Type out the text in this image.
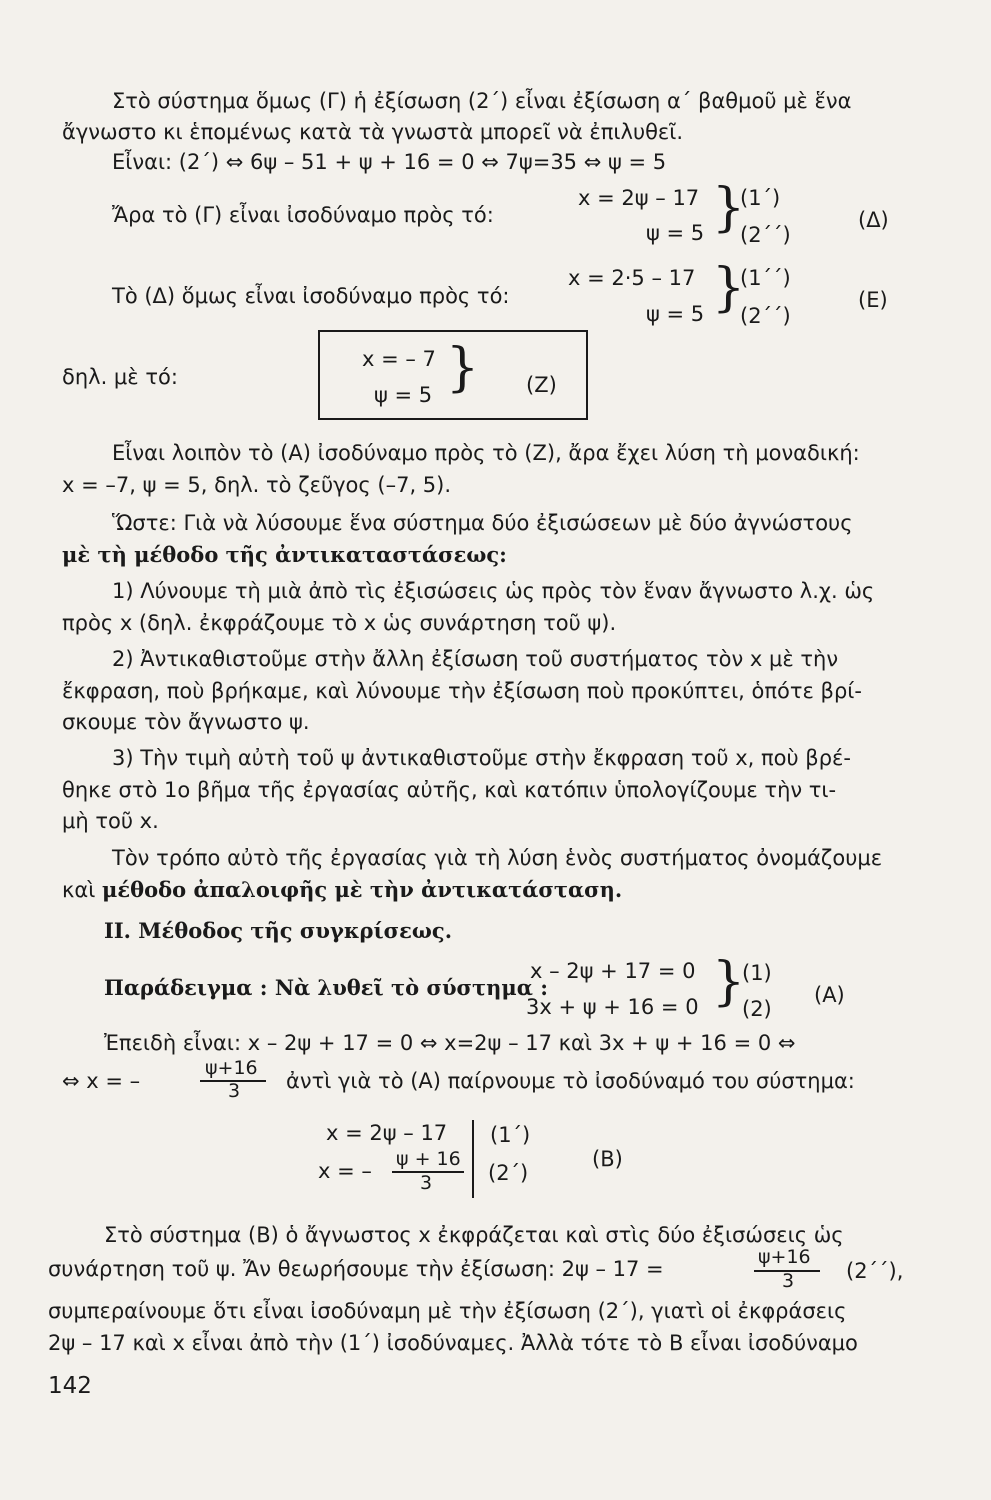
Στὸ σύστημα ὅμως (Γ) ἡ ἐξίσωση (2΄) εἶναι ἐξίσωση α΄ βαθμοῦ μὲ ἕνα
ἄγνωστο κι ἑπομένως κατὰ τὰ γνωστὰ μπορεῖ νὰ ἐπιλυθεῖ.
Εἶναι: (2΄) ⇔ 6ψ – 51 + ψ + 16 = 0 ⇔ 7ψ=35 ⇔ ψ = 5
Ἄρα τὸ (Γ) εἶναι ἰσοδύναμο πρὸς τό:
x = 2ψ – 17
ψ = 5 }
(1΄)
(2΄΄)
(Δ)
Τὸ (Δ) ὅμως εἶναι ἰσοδύναμο πρὸς τό:
x = 2·5 – 17
ψ = 5 }
(1΄΄)
(2΄΄)
(Ε)
δηλ. μὲ τό:
x = – 7
ψ = 5 } (Ζ)
Εἶναι λοιπὸν τὸ (Α) ἰσοδύναμο πρὸς τὸ (Ζ), ἄρα ἔχει λύση τὴ μοναδική:
x = –7, ψ = 5, δηλ. τὸ ζεῦγος (–7, 5).
Ὥστε: Γιὰ νὰ λύσουμε ἕνα σύστημα δύο ἐξισώσεων μὲ δύο ἀγνώστους
μὲ τὴ μέθοδο τῆς ἀντικαταστάσεως:
1) Λύνουμε τὴ μιὰ ἀπὸ τὶς ἐξισώσεις ὡς πρὸς τὸν ἕναν ἄγνωστο λ.χ. ὡς
πρὸς x (δηλ. ἐκφράζουμε τὸ x ὡς συνάρτηση τοῦ ψ).
2) Ἀντικαθιστοῦμε στὴν ἄλλη ἐξίσωση τοῦ συστήματος τὸν x μὲ τὴν
ἔκφραση, ποὺ βρήκαμε, καὶ λύνουμε τὴν ἐξίσωση ποὺ προκύπτει, ὁπότε βρί-
σκουμε τὸν ἄγνωστο ψ.
3) Τὴν τιμὴ αὐτὴ τοῦ ψ ἀντικαθιστοῦμε στὴν ἔκφραση τοῦ x, ποὺ βρέ-
θηκε στὸ 1ο βῆμα τῆς ἐργασίας αὐτῆς, καὶ κατόπιν ὑπολογίζουμε τὴν τι-
μὴ τοῦ x.
Τὸν τρόπο αὐτὸ τῆς ἐργασίας γιὰ τὴ λύση ἑνὸς συστήματος ὀνομάζουμε
καὶ μέθοδο ἀπαλοιφῆς μὲ τὴν ἀντικατάσταση.
II. Μέθοδος τῆς συγκρίσεως.
Παράδειγμα : Νὰ λυθεῖ τὸ σύστημα :
x – 2ψ + 17 = 0
3x + ψ + 16 = 0 }
(1)
(2)
(Α)
Ἐπειδὴ εἶναι: x – 2ψ + 17 = 0 ⇔ x=2ψ – 17 καὶ 3x + ψ + 16 = 0 ⇔
⇔ x = –
ψ+16
3 ἀντὶ γιὰ τὸ (Α) παίρνουμε τὸ ἰσοδύναμό του σύστημα:
x = 2ψ – 17
x = – ψ + 16
3
(1΄)
(2΄)
(Β)
Στὸ σύστημα (Β) ὁ ἄγνωστος x ἐκφράζεται καὶ στὶς δύο ἐξισώσεις ὡς
συνάρτηση τοῦ ψ. Ἄν θεωρήσουμε τὴν ἐξίσωση: 2ψ – 17 =	ψ+16
3 (2΄΄),
συμπεραίνουμε ὅτι εἶναι ἰσοδύναμη μὲ τὴν ἐξίσωση (2΄), γιατὶ οἱ ἐκφράσεις
2ψ – 17 καὶ x εἶναι ἀπὸ τὴν (1΄) ἰσοδύναμες. Ἀλλὰ τότε τὸ Β εἶναι ἰσοδύναμο
142
